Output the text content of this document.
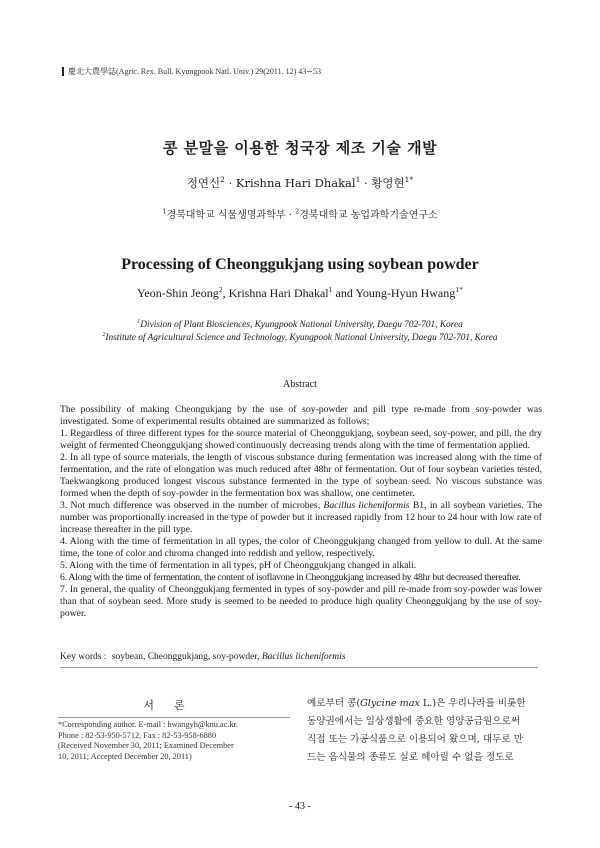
慶北大農學誌(Agric. Rex. Bull. Kyungpook Natl. Univ.) 29(2011. 12) 43∼53
콩 분말을 이용한 청국장 제조 기술 개발
정연신$^2$ · Krishna Hari Dhakal$^1$ · 황영현$^{1*}$
$^1$경북대학교 식물생명과학부 · $^2$경북대학교 농업과학기술연구소
Processing of Cheonggukjang using soybean powder
Yeon-Shin Jeong$^2$, Krishna Hari Dhakal$^1$ and Young-Hyun Hwang$^{1*}$
$^1$Division of Plant Biosciences, Kyungpook National University, Daegu 702-701, Korea
$^2$Institute of Agricultural Science and Technology, Kyungpook National University, Daegu 702-701, Korea
Abstract

The possibility of making Cheongukjang by the use of soy-powder and pill type re-made from soy-powder was investigated. Some of experimental results obtained are summarized as follows;

1. Regardless of three different types for the source material of Cheonggukjang, soybean seed, soy-power, and pill, the dry weight of fermented Cheonggukjang showed continuously decreasing trends along with the time of fermentation applied.

2. In all type of source materials, the length of viscous substance during fermentation was increased along with the time of fermentation, and the rate of elongation was much reduced after 48hr of fermentation. Out of four soybean varieties tested, Taekwangkong produced longest viscous substance fermented in the type of soybean seed. No viscous substance was formed when the depth of soy-powder in the fermentation box was shallow, one centimeter.

3. Not much difference was observed in the number of microbes, Bacillus licheniformis B1, in all soybean varieties. The number was proportionally increased in the type of powder but it increased rapidly from 12 hour to 24 hour with low rate of increase thereafter in the pill type.

4. Along with the time of fermentation in all types, the color of Cheonggukjang changed from yellow to dull. At the same time, the tone of color and chroma changed into reddish and yellow, respectively.

5. Along with the time of fermentation in all types, pH of Cheonggukjang changed in alkali.

6. Along with the time of fermentation, the content of isoflavone in Cheonggukjang increased by 48hr but decreased thereafter.

7. In general, the quality of Cheonggukjang fermented in types of soy-powder and pill re-made from soy-powder was lower than that of soybean seed. More study is seemed to be needed to produce high quality Cheonggukjang by the use of soy-power.

Key words : soybean, Cheonggukjang, soy-powder, Bacillus licheniformis
서론
*Corresponding author. E-mail : hwangyh@knu.ac.kr.
Phone : 82-53-950-5712, Fax : 82-53-958-6880
(Received November 30, 2011; Examined December
10, 2011; Accepted December 20, 2011)
예로부터 콩(Glycine max L.)은 우리나라를 비롯한
동양권에서는 일상생활에 중요한 영양공급원으로써
직접 또는 가공식품으로 이용되어 왔으며, 대두로 만
드는 음식물의 종류도 실로 헤아릴 수 없을 정도로
- 43 -
